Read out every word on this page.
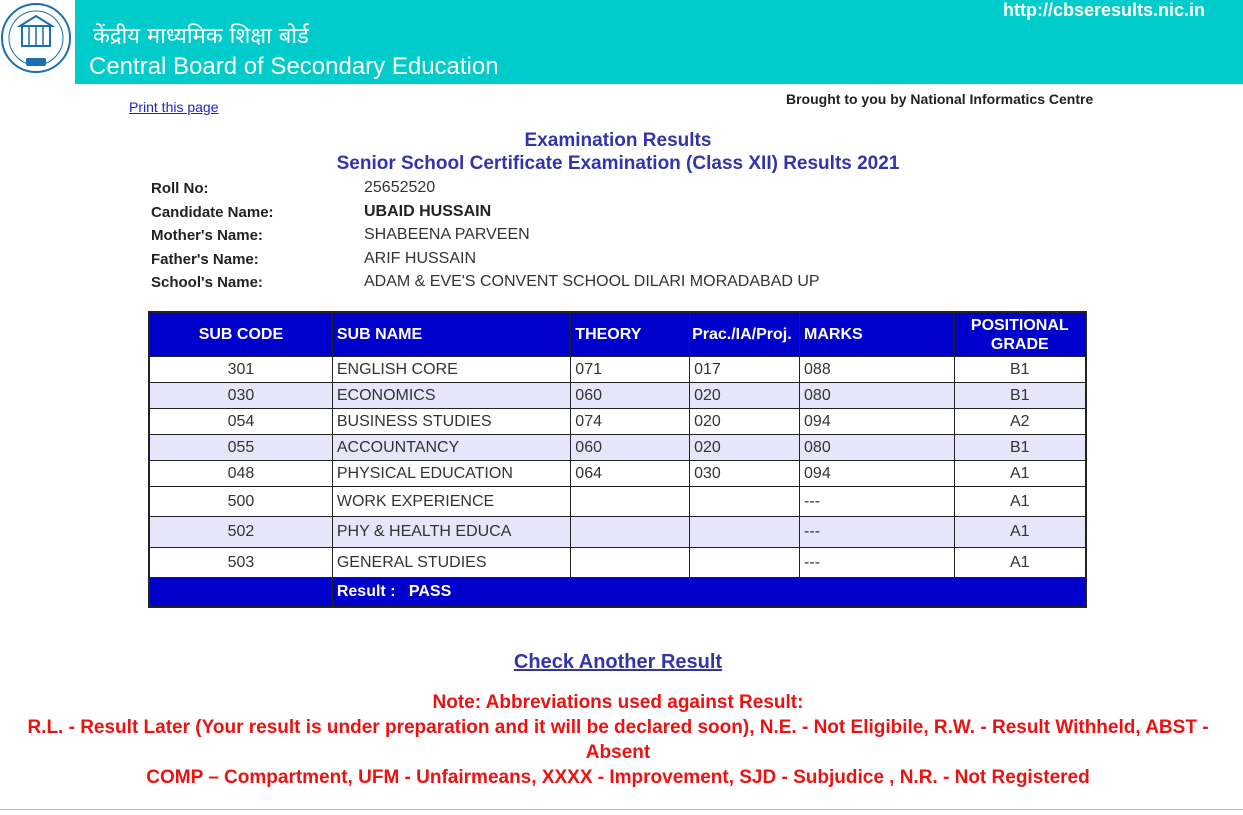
केंद्रीय माध्यमिक शिक्षा बोर्ड
Central Board of Secondary Education
http://cbseresults.nic.in
Print this page	Brought to you by National Informatics Centre
Examination Results
Senior School Certificate Examination (Class XII) Results 2021
Roll No:	25652520
Candidate Name:	UBAID HUSSAIN
Mother's Name:	SHABEENA PARVEEN
Father's Name:	ARIF HUSSAIN
School's Name:	ADAM & EVE'S CONVENT SCHOOL DILARI MORADABAD UP
SUB CODE	SUB NAME	THEORY	Prac./IA/Proj.	MARKS	POSITIONAL GRADE
301	ENGLISH CORE	071	017	088	B1
030	ECONOMICS	060	020	080	B1
054	BUSINESS STUDIES	074	020	094	A2
055	ACCOUNTANCY	060	020	080	B1
048	PHYSICAL EDUCATION	064	030	094	A1
500	WORK EXPERIENCE			---	A1
502	PHY & HEALTH EDUCA			---	A1
503	GENERAL STUDIES			---	A1
	Result :   PASS				
Check Another Result
Note: Abbreviations used against Result:
R.L. - Result Later (Your result is under preparation and it will be declared soon), N.E. - Not Eligibile, R.W. - Result Withheld, ABST -
Absent
COMP – Compartment, UFM - Unfairmeans, XXXX - Improvement, SJD - Subjudice , N.R. - Not Registered
